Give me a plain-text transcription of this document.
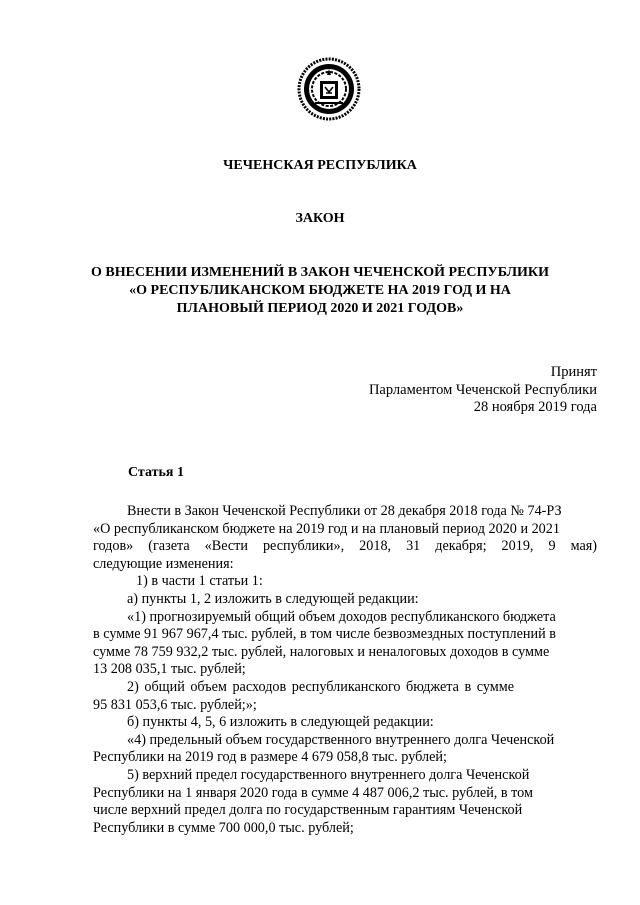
ЧЕЧЕНСКАЯ РЕСПУБЛИКА
ЗАКОН
О ВНЕСЕНИИ ИЗМЕНЕНИЙ В ЗАКОН ЧЕЧЕНСКОЙ РЕСПУБЛИКИ
«О РЕСПУБЛИКАНСКОМ БЮДЖЕТЕ НА 2019 ГОД И НА
ПЛАНОВЫЙ ПЕРИОД 2020 И 2021 ГОДОВ»
Принят
Парламентом Чеченской Республики
28 ноября 2019 года
Статья 1
Внести в Закон Чеченской Республики от 28 декабря 2018 года № 74-РЗ
«О республиканском бюджете на 2019 год и на плановый период 2020 и 2021
годов» (газета «Вести республики», 2018, 31 декабря; 2019, 9 мая)
следующие изменения:
1) в части 1 статьи 1:
а) пункты 1, 2 изложить в следующей редакции:
«1) прогнозируемый общий объем доходов республиканского бюджета
в сумме 91 967 967,4 тыс. рублей, в том числе безвозмездных поступлений в
сумме 78 759 932,2 тыс. рублей, налоговых и неналоговых доходов в сумме
13 208 035,1 тыс. рублей;
2) общий объем расходов республиканского бюджета в сумме
95 831 053,6 тыс. рублей;»;
б) пункты 4, 5, 6 изложить в следующей редакции:
«4) предельный объем государственного внутреннего долга Чеченской
Республики на 2019 год в размере 4 679 058,8 тыс. рублей;
5) верхний предел государственного внутреннего долга Чеченской
Республики на 1 января 2020 года в сумме 4 487 006,2 тыс. рублей, в том
числе верхний предел долга по государственным гарантиям Чеченской
Республики в сумме 700 000,0 тыс. рублей;
